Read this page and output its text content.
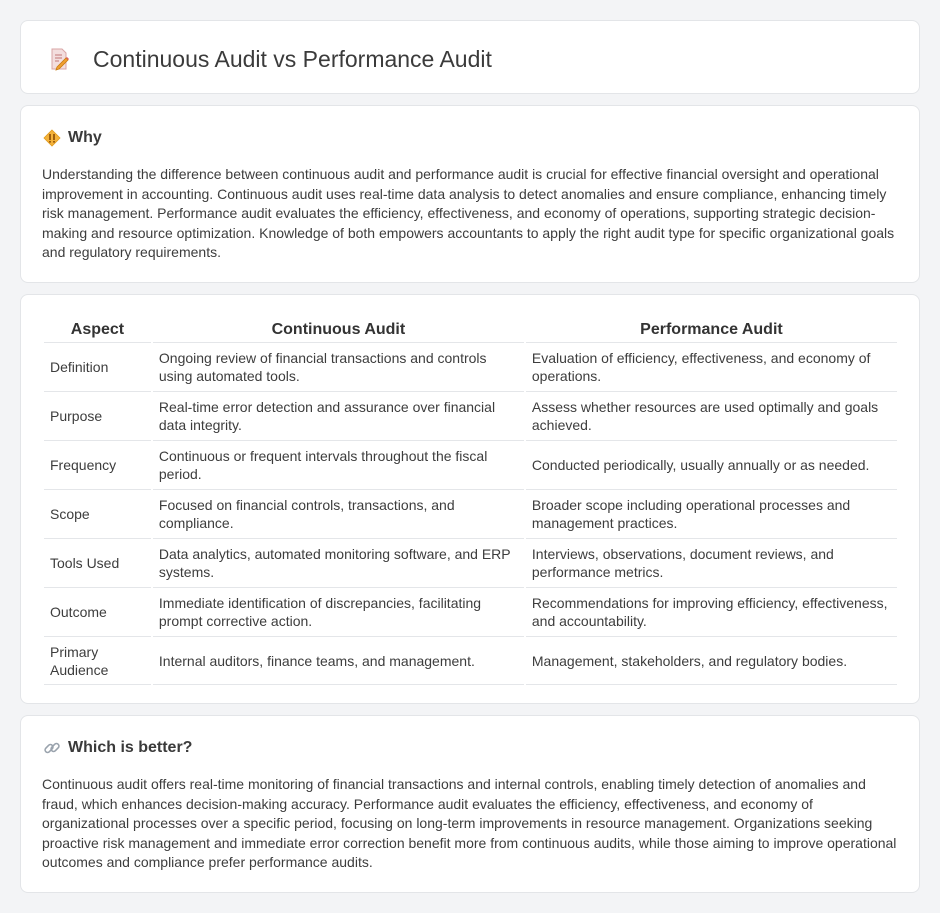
Continuous Audit vs Performance Audit
Why

Understanding the difference between continuous audit and performance audit is crucial for effective financial oversight and operational improvement in accounting. Continuous audit uses real-time data analysis to detect anomalies and ensure compliance, enhancing timely risk management. Performance audit evaluates the efficiency, effectiveness, and economy of operations, supporting strategic decision-making and resource optimization. Knowledge of both empowers accountants to apply the right audit type for specific organizational goals and regulatory requirements.

Aspect	Continuous Audit	Performance Audit
Definition	Ongoing review of financial transactions and controls using automated tools.	Evaluation of efficiency, effectiveness, and economy of operations.
Purpose	Real-time error detection and assurance over financial data integrity.	Assess whether resources are used optimally and goals achieved.
Frequency	Continuous or frequent intervals throughout the fiscal period.	Conducted periodically, usually annually or as needed.
Scope	Focused on financial controls, transactions, and compliance.	Broader scope including operational processes and management practices.
Tools Used	Data analytics, automated monitoring software, and ERP systems.	Interviews, observations, document reviews, and performance metrics.
Outcome	Immediate identification of discrepancies, facilitating prompt corrective action.	Recommendations for improving efficiency, effectiveness, and accountability.
Primary Audience	Internal auditors, finance teams, and management.	Management, stakeholders, and regulatory bodies.
Which is better?

Continuous audit offers real-time monitoring of financial transactions and internal controls, enabling timely detection of anomalies and fraud, which enhances decision-making accuracy. Performance audit evaluates the efficiency, effectiveness, and economy of organizational processes over a specific period, focusing on long-term improvements in resource management. Organizations seeking proactive risk management and immediate error correction benefit more from continuous audits, while those aiming to improve operational outcomes and compliance prefer performance audits.
